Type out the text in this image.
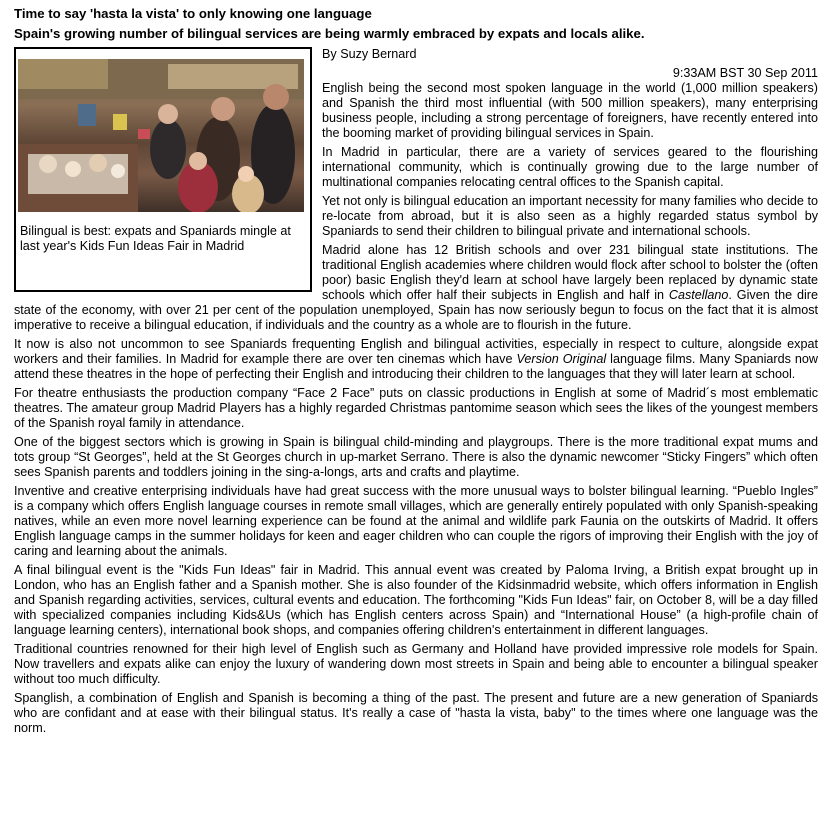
Time to say 'hasta la vista' to only knowing one language
Spain's growing number of bilingual services are being warmly embraced by expats and locals alike.
Bilingual is best: expats and Spaniards mingle at last year's Kids Fun Ideas Fair in Madrid
By Suzy Bernard
9:33AM BST 30 Sep 2011

English being the second most spoken language in the world (1,000 million speakers) and Spanish the third most influential (with 500 million speakers), many enterprising business people, including a strong percentage of foreigners, have recently entered into the booming market of providing bilingual services in Spain.

In Madrid in particular, there are a variety of services geared to the flourishing international community, which is continually growing due to the large number of multinational companies relocating central offices to the Spanish capital.

Yet not only is bilingual education an important necessity for many families who decide to re-locate from abroad, but it is also seen as a highly regarded status symbol by Spaniards to send their children to bilingual private and international schools.

Madrid alone has 12 British schools and over 231 bilingual state institutions. The traditional English academies where children would flock after school to bolster the (often poor) basic English they'd learn at school have largely been replaced by dynamic state schools which offer half their subjects in English and half in Castellano. Given the dire state of the economy, with over 21 per cent of the population unemployed, Spain has now seriously begun to focus on the fact that it is almost imperative to receive a bilingual education, if individuals and the country as a whole are to flourish in the future.

It now is also not uncommon to see Spaniards frequenting English and bilingual activities, especially in respect to culture, alongside expat workers and their families. In Madrid for example there are over ten cinemas which have Version Original language films. Many Spaniards now attend these theatres in the hope of perfecting their English and introducing their children to the languages that they will later learn at school.

For theatre enthusiasts the production company “Face 2 Face” puts on classic productions in English at some of Madrid´s most emblematic theatres. The amateur group Madrid Players has a highly regarded Christmas pantomime season which sees the likes of the youngest members of the Spanish royal family in attendance.

One of the biggest sectors which is growing in Spain is bilingual child-minding and playgroups. There is the more traditional expat mums and tots group “St Georges”, held at the St Georges church in up-market Serrano. There is also the dynamic newcomer “Sticky Fingers” which often sees Spanish parents and toddlers joining in the sing-a-longs, arts and crafts and playtime.

Inventive and creative enterprising individuals have had great success with the more unusual ways to bolster bilingual learning. “Pueblo Ingles” is a company which offers English language courses in remote small villages, which are generally entirely populated with only Spanish-speaking natives, while an even more novel learning experience can be found at the animal and wildlife park Faunia on the outskirts of Madrid. It offers English language camps in the summer holidays for keen and eager children who can couple the rigors of improving their English with the joy of caring and learning about the animals.

A final bilingual event is the "Kids Fun Ideas" fair in Madrid. This annual event was created by Paloma Irving, a British expat brought up in London, who has an English father and a Spanish mother. She is also founder of the Kidsinmadrid website, which offers information in English and Spanish regarding activities, services, cultural events and education. The forthcoming "Kids Fun Ideas" fair, on October 8, will be a day filled with specialized companies including Kids&Us (which has English centers across Spain) and “International House” (a high-profile chain of language learning centers), international book shops, and companies offering children's entertainment in different languages.

Traditional countries renowned for their high level of English such as Germany and Holland have provided impressive role models for Spain. Now travellers and expats alike can enjoy the luxury of wandering down most streets in Spain and being able to encounter a bilingual speaker without too much difficulty.

Spanglish, a combination of English and Spanish is becoming a thing of the past. The present and future are a new generation of Spaniards who are confidant and at ease with their bilingual status. It's really a case of "hasta la vista, baby" to the times where one language was the norm.
